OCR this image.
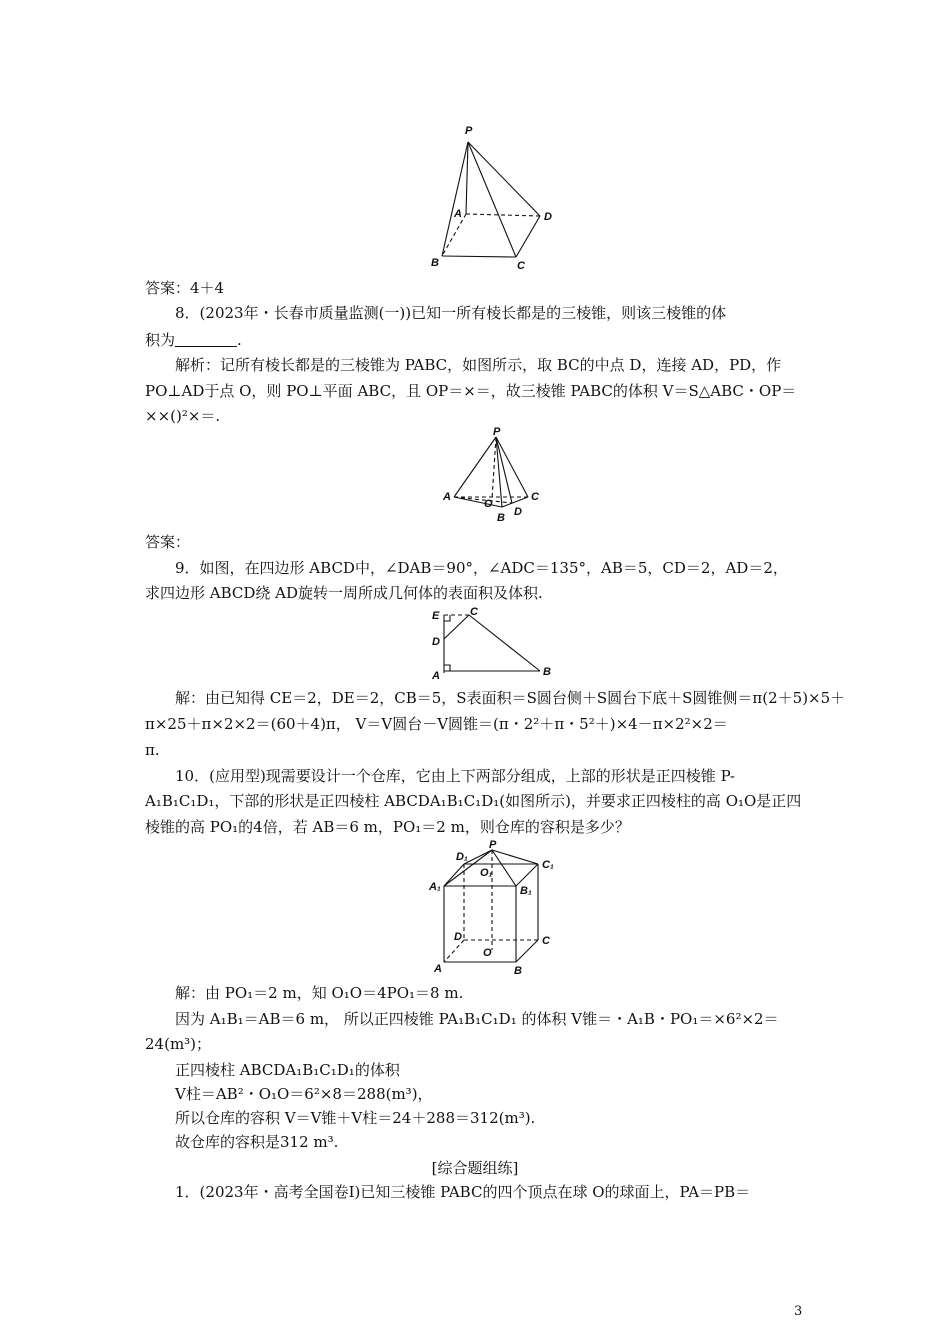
P
A	D
B	C
答案：4＋4
8．(2023年・长春市质量监测(一))已知一所有棱长都是的三棱锥，则该三棱锥的体
积为	.
解析：记所有棱长都是的三棱锥为 PABC，如图所示，取 BC的中点 D，连接 AD，PD，作
PO⊥AD于点 O，则 PO⊥平面 ABC，且 OP＝×＝，故三棱锥 PABC的体积 V＝S△ABC・OP＝
××()²×＝.
P
A
O
C
D
B
答案：
9．如图，在四边形 ABCD中，∠DAB＝90°，∠ADC＝135°，AB＝5，CD＝2，AD＝2，
求四边形 ABCD绕 AD旋转一周所成几何体的表面积及体积.
E	C
D
A	B
解：由已知得 CE＝2，DE＝2，CB＝5，S表面积＝S圆台侧＋S圆台下底＋S圆锥侧＝π(2＋5)×5＋
π×25＋π×2×2＝(60＋4)π， V＝V圆台－V圆锥＝(π・2²＋π・5²＋)×4－π×2²×2＝
π.
10．(应用型)现需要设计一个仓库，它由上下两部分组成，上部的形状是正四棱锥 P-
A₁B₁C₁D₁，下部的形状是正四棱柱 ABCDA₁B₁C₁D₁(如图所示)，并要求正四棱柱的高 O₁O是正四
棱锥的高 PO₁的4倍，若 AB＝6 m，PO₁＝2 m，则仓库的容积是多少？
P
D₁
C₁
A₁	B₁
O₁
D	C
O
A	B
解：由 PO₁＝2 m，知 O₁O＝4PO₁＝8 m.
因为 A₁B₁＝AB＝6 m， 所以正四棱锥 PA₁B₁C₁D₁ 的体积 V锥＝・A₁B・PO₁＝×6²×2＝
24(m³)；
正四棱柱 ABCDA₁B₁C₁D₁的体积
V柱＝AB²・O₁O＝6²×8＝288(m³)，
所以仓库的容积 V＝V锥＋V柱＝24＋288＝312(m³).
故仓库的容积是312 m³.
[综合题组练]
1．(2023年・高考全国卷Ⅰ)已知三棱锥 PABC的四个顶点在球 O的球面上，PA＝PB＝
3
